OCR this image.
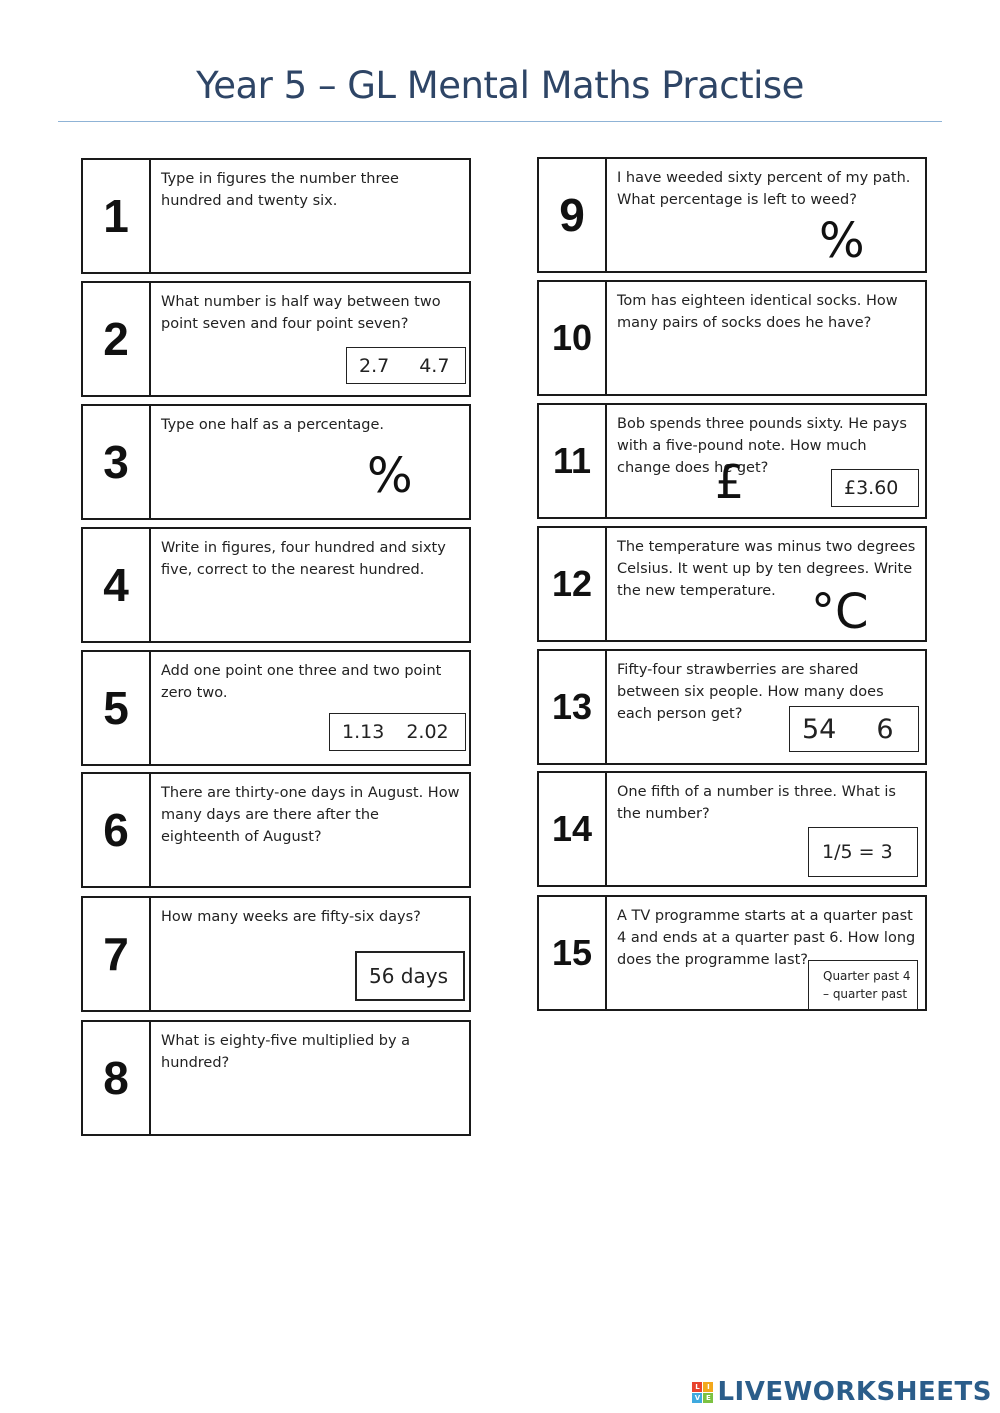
Year 5 – GL Mental Maths Practise
1
Type in figures the number three hundred and twenty six.
2
What number is half way between two point seven and four point seven?
2.7 4.7
3
Type one half as a percentage.
%
4
Write in figures, four hundred and sixty five, correct to the nearest hundred.
5
Add one point one three and two point zero two.
1.13 2.02
6
There are thirty-one days in August. How many days are there after the eighteenth of August?
7
How many weeks are fifty-six days?
56 days
8
What is eighty-five multiplied by a hundred?
9
I have weeded sixty percent of my path. What percentage is left to weed?
%
10
Tom has eighteen identical socks. How many pairs of socks does he have?
11
Bob spends three pounds sixty. He pays with a five-pound note. How much change does he get?
£	£3.60
12
The temperature was minus two degrees Celsius. It went up by ten degrees. Write the new temperature. °C
13
Fifty-four strawberries are shared between six people. How many does each person get?	54 6
14
One fifth of a number is three. What is the number?
1/5 = 3
15
A TV programme starts at a quarter past 4 and ends at a quarter past 6. How long does the programme last?
Quarter past 4
– quarter past
L	I
V E LIVEWORKSHEETS
